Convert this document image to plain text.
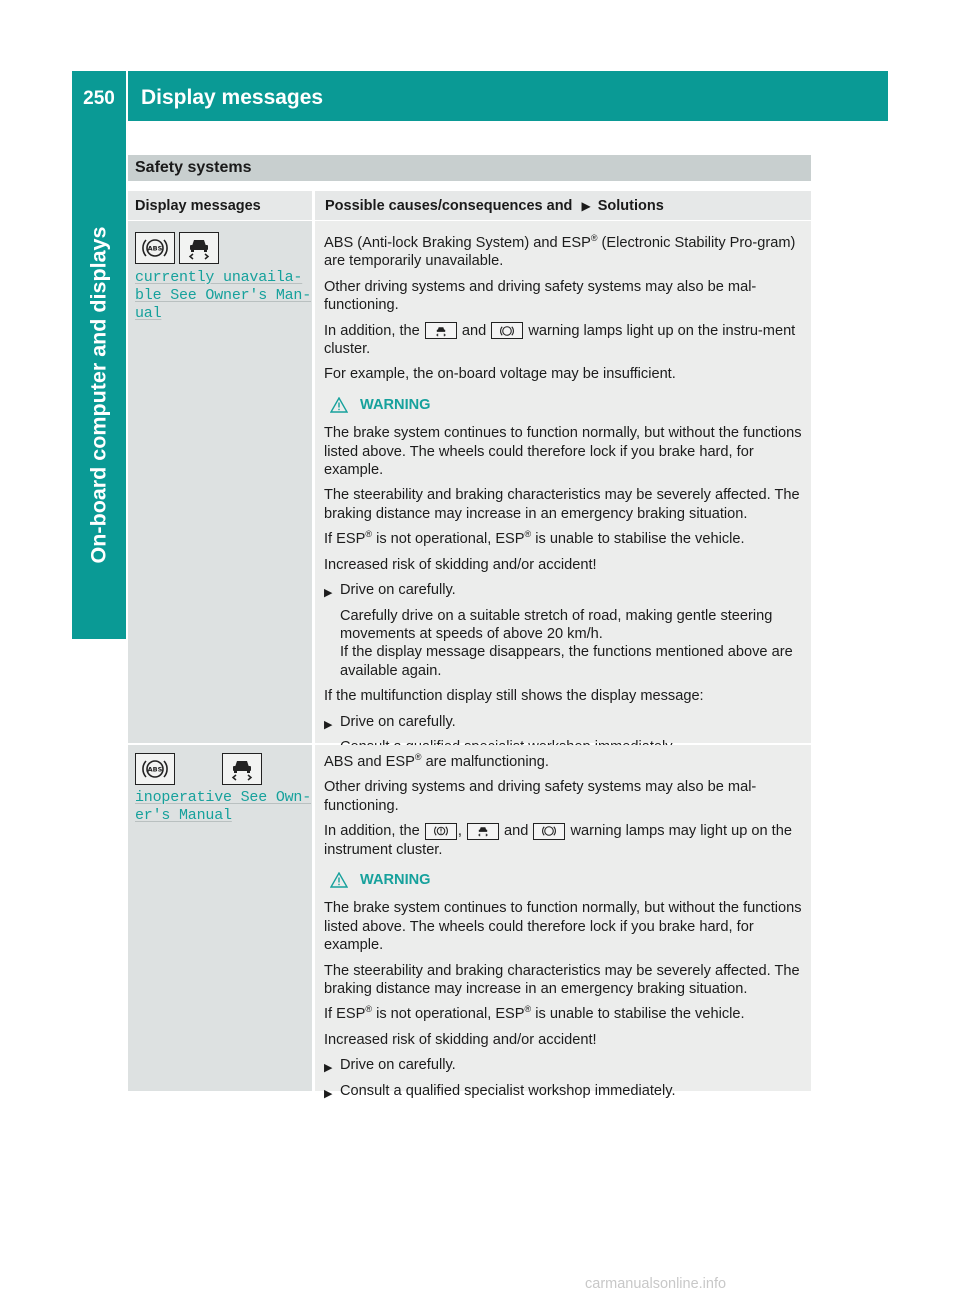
250	Display messages
On-board computer and displays
Safety systems
Display messages	Possible causes/consequences and ▶ Solutions
ABS
currently unavaila‐
ble See Owner's Man‐
ual

ABS (Anti-lock Braking System) and ESP® (Electronic Stability Pro-gram) are temporarily unavailable.

Other driving systems and driving safety systems may also be mal-functioning.

In addition, the	and	warning lamps light up on the instru-ment cluster.

For example, the on-board voltage may be insufficient.

WARNING

The brake system continues to function normally, but without the functions listed above. The wheels could therefore lock if you brake hard, for example.

The steerability and braking characteristics may be severely affected. The braking distance may increase in an emergency braking situation.

If ESP® is not operational, ESP® is unable to stabilise the vehicle.

Increased risk of skidding and/or accident!

▶ Drive on carefully.
Carefully drive on a suitable stretch of road, making gentle steering movements at speeds of above 20 km/h.
If the display message disappears, the functions mentioned above are available again.

If the multifunction display still shows the display message:

▶ Drive on carefully.
ABS
inoperative See Own‐
er's Manual

ABS and ESP® are malfunctioning.

Other driving systems and driving safety systems may also be mal-functioning.

In addition, the	,	and	warning lamps may light up on the instrument cluster.

WARNING

The brake system continues to function normally, but without the functions listed above. The wheels could therefore lock if you brake hard, for example.

The steerability and braking characteristics may be severely affected. The braking distance may increase in an emergency braking situation.

If ESP® is not operational, ESP® is unable to stabilise the vehicle.

Increased risk of skidding and/or accident!

▶ Drive on carefully.
▶ Consult a qualified specialist workshop immediately.
carmanualsonline.info
